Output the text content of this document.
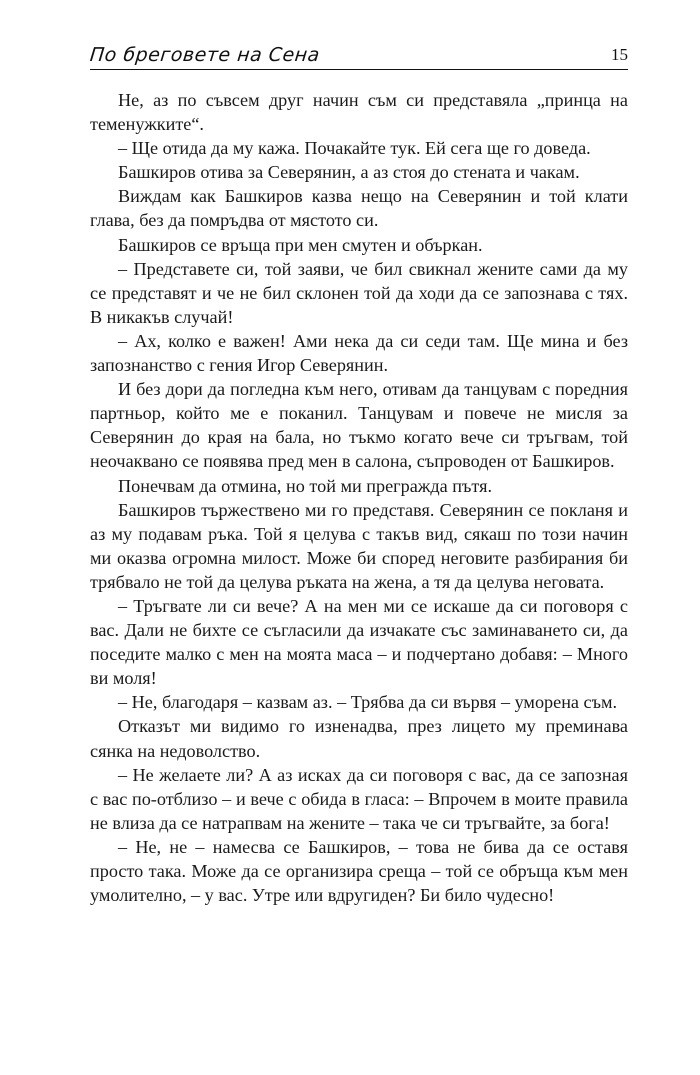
По бреговете на Сена	15

Не, аз по съвсем друг начин съм си представяла „принца на теменужките“.

– Ще отида да му кажа. Почакайте тук. Ей сега ще го доведа.

Башкиров отива за Северянин, а аз стоя до стената и чакам.

Виждам как Башкиров казва нещо на Северянин и той клати глава, без да помръдва от мястото си.

Башкиров се връща при мен смутен и объркан.

– Представете си, той заяви, че бил свикнал жените сами да му се представят и че не бил склонен той да ходи да се запознава с тях. В никакъв случай!

– Ах, колко е важен! Ами нека да си седи там. Ще мина и без запознанство с гения Игор Северянин.

И без дори да погледна към него, отивам да танцувам с поредния партньор, който ме е поканил. Танцувам и повече не мисля за Северянин до края на бала, но тъкмо когато вече си тръгвам, той неочаквано се появява пред мен в салона, съпроводен от Башкиров.

Понечвам да отмина, но той ми преграждa пътя.

Башкиров тържествено ми го представя. Северянин се покланя и аз му подавам ръка. Той я целува с такъв вид, сякаш по този начин ми оказва огромна милост. Може би според неговите разбирания би трябвало не той да целува ръката на жена, а тя да целува неговата.

– Тръгвате ли си вече? А на мен ми се искаше да си поговоря с вас. Дали не бихте се съгласили да изчакате със заминаването си, да поседите малко с мен на моята маса – и подчертано добавя: – Много ви моля!

– Не, благодаря – казвам аз. – Трябва да си вървя – уморена съм.

Отказът ми видимо го изненадва, през лицето му преминава сянка на недоволство.

– Не желаете ли? А аз исках да си поговоря с вас, да се запозная с вас по-отблизо – и вече с обида в гласа: – Впрочем в моите правила не влиза да се натрапвам на жените – така че си тръгвайте, за бога!

– Не, не – намесва се Башкиров, – това не бива да се оставя просто така. Може да се организира среща – той се обръща към мен умолително, – у вас. Утре или вдругиден? Би било чудесно!
